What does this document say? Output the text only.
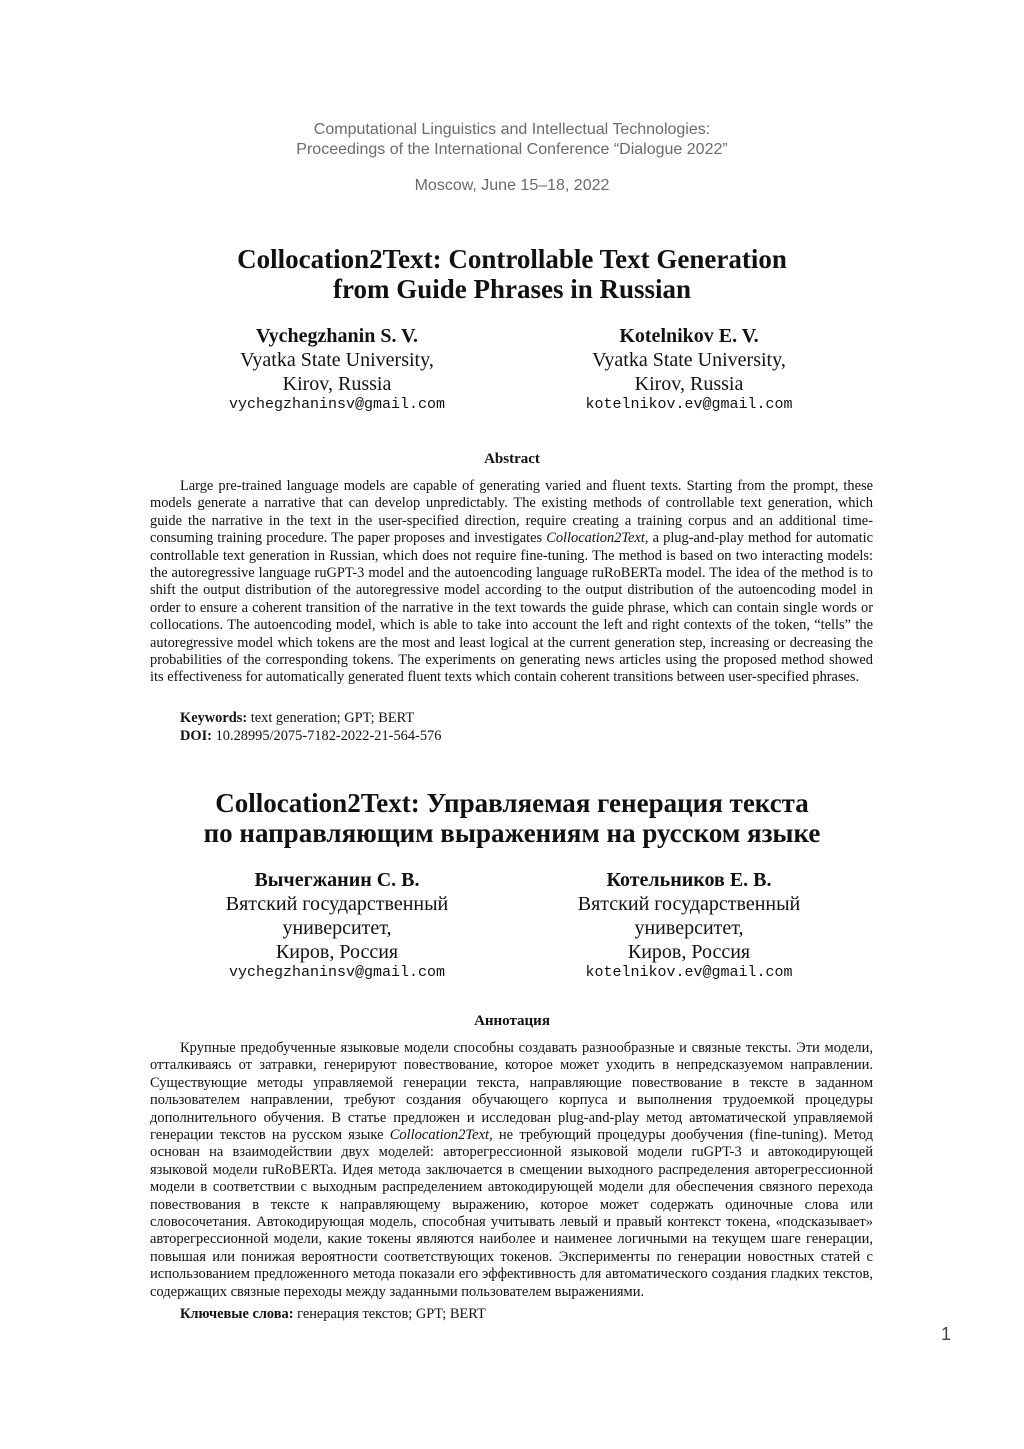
Computational Linguistics and Intellectual Technologies:
Proceedings of the International Conference “Dialogue 2022”
Moscow, June 15–18, 2022
Collocation2Text: Controllable Text Generation
from Guide Phrases in Russian
Vychegzhanin S. V.
Vyatka State University,
Kirov, Russia
vychegzhaninsv@gmail.com
Kotelnikov E. V.
Vyatka State University,
Kirov, Russia
kotelnikov.ev@gmail.com
Abstract

Large pre-trained language models are capable of generating varied and fluent texts. Starting from the prompt, these models generate a narrative that can develop unpredictably. The existing methods of controllable text generation, which guide the narrative in the text in the user-specified direction, require creating a training corpus and an additional time-consuming training procedure. The paper proposes and investigates Collocation2Text, a plug-and-play method for automatic controllable text generation in Russian, which does not require fine-tuning. The method is based on two interacting models: the autoregressive language ruGPT-3 model and the autoencoding language ruRoBERTa model. The idea of the method is to shift the output distribution of the autoregressive model according to the output distribution of the autoencoding model in order to ensure a coherent transition of the narrative in the text towards the guide phrase, which can contain single words or collocations. The autoencoding model, which is able to take into account the left and right contexts of the token, “tells” the autoregressive model which tokens are the most and least logical at the current generation step, increasing or decreasing the probabilities of the corresponding tokens. The experiments on generating news articles using the proposed method showed its effectiveness for automatically generated fluent texts which contain coherent transitions between user-specified phrases.

Keywords: text generation; GPT; BERT
DOI: 10.28995/2075-7182-2022-21-564-576
Collocation2Text: Управляемая генерация текста
по направляющим выражениям на русском языке
Вычегжанин С. В.
Вятский государственный
университет,
Киров, Россия
vychegzhaninsv@gmail.com
Котельников Е. В.
Вятский государственный
университет,
Киров, Россия
kotelnikov.ev@gmail.com
Аннотация

Крупные предобученные языковые модели способны создавать разнообразные и связные тексты. Эти модели, отталкиваясь от затравки, генерируют повествование, которое может уходить в непредсказуемом направлении. Существующие методы управляемой генерации текста, направляющие повествование в тексте в заданном пользователем направлении, требуют создания обучающего корпуса и выполнения трудоемкой процедуры дополнительного обучения. В статье предложен и исследован plug-and-play метод автоматической управляемой генерации текстов на русском языке Collocation2Text, не требующий процедуры дообучения (fine-tuning). Метод основан на взаимодействии двух моделей: авторегрессионной языковой модели ruGPT-3 и автокодирующей языковой модели ruRoBERTa. Идея метода заключается в смещении выходного распределения авторегрессионной модели в соответствии с выходным распределением автокодирующей модели для обеспечения связного перехода повествования в тексте к направляющему выражению, которое может содержать одиночные слова или словосочетания. Автокодирующая модель, способная учитывать левый и правый контекст токена, «подсказывает» авторегрессионной модели, какие токены являются наиболее и наименее логичными на текущем шаге генерации, повышая или понижая вероятности соответствующих токенов. Эксперименты по генерации новостных статей с использованием предложенного метода показали его эффективность для автоматического создания гладких текстов, содержащих связные переходы между заданными пользователем выражениями.

Ключевые слова: генерация текстов; GPT; BERT
1
